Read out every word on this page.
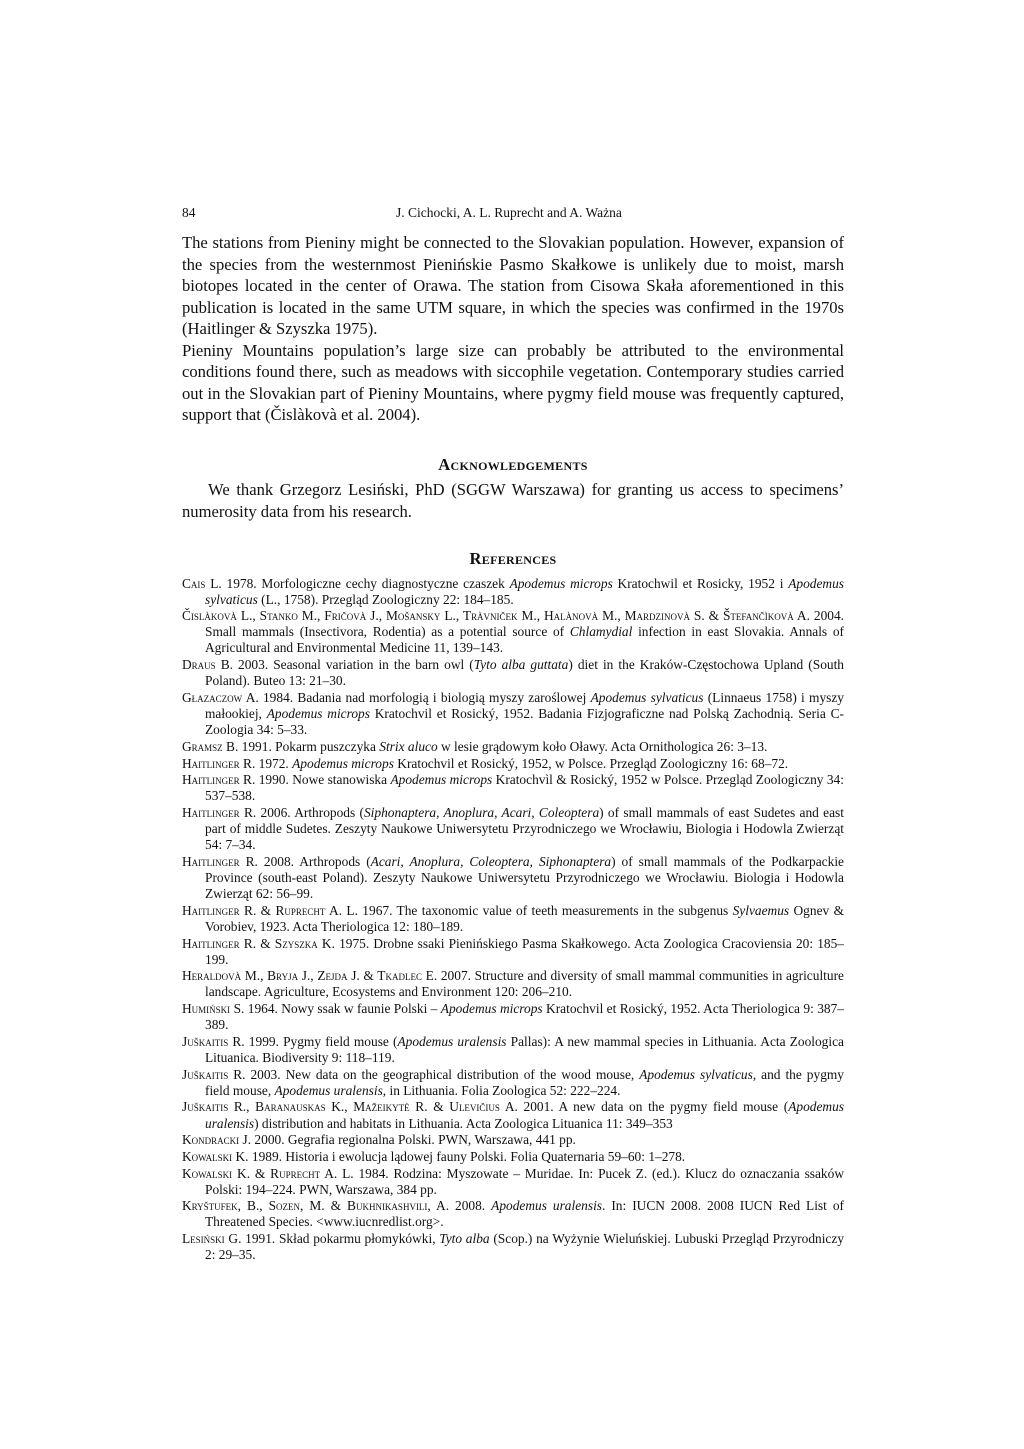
84	J. Cichocki, A. L. Ruprecht and A. Ważna

The stations from Pieniny might be connected to the Slovakian population. However, expansion of the species from the westernmost Pienińskie Pasmo Skałkowe is unlikely due to moist, marsh biotopes located in the center of Orawa. The station from Cisowa Skała aforementioned in this publication is located in the same UTM square, in which the species was confirmed in the 1970s (Haitlinger & Szyszka 1975).

Pieniny Mountains population’s large size can probably be attributed to the environmental conditions found there, such as meadows with siccophile vegetation. Contemporary studies carried out in the Slovakian part of Pieniny Mountains, where pygmy field mouse was frequently captured, support that (Čislàkovà et al. 2004).

Acknowledgements

We thank Grzegorz Lesiński, PhD (SGGW Warszawa) for granting us access to specimens’ numerosity data from his research.

References
Cais L. 1978. Morfologiczne cechy diagnostyczne czaszek Apodemus microps Kratochwil et Rosicky, 1952 i Apodemus sylvaticus (L., 1758). Przegląd Zoologiczny 22: 184–185.
Čislàkovà L., Stanko M., Fričovà J., Mošansky L., Tràvniček M., Halànovà M., Mardzinovà S. & Štefančìkovà A. 2004. Small mammals (Insectivora, Rodentia) as a potential source of Chlamydial infection in east Slovakia. Annals of Agricultural and Environmental Medicine 11, 139–143.
Draus B. 2003. Seasonal variation in the barn owl (Tyto alba guttata) diet in the Kraków-Częstochowa Upland (South Poland). Buteo 13: 21–30.
Głazaczow A. 1984. Badania nad morfologią i biologią myszy zaroślowej Apodemus sylvaticus (Linnaeus 1758) i myszy małookiej, Apodemus microps Kratochvil et Rosický, 1952. Badania Fizjograficzne nad Polską Zachodnią. Seria C- Zoologia 34: 5–33.
Gramsz B. 1991. Pokarm puszczyka Strix aluco w lesie grądowym koło Oławy. Acta Ornithologica 26: 3–13.
Haitlinger R. 1972. Apodemus microps Kratochvil et Rosický, 1952, w Polsce. Przegląd Zoologiczny 16: 68–72.
Haitlinger R. 1990. Nowe stanowiska Apodemus microps Kratochvìl & Rosický, 1952 w Polsce. Przegląd Zoologiczny 34: 537–538.
Haitlinger R. 2006. Arthropods (Siphonaptera, Anoplura, Acari, Coleoptera) of small mammals of east Sudetes and east part of middle Sudetes. Zeszyty Naukowe Uniwersytetu Przyrodniczego we Wrocławiu, Biologia i Hodowla Zwierząt 54: 7–34.
Haitlinger R. 2008. Arthropods (Acari, Anoplura, Coleoptera, Siphonaptera) of small mammals of the Podkarpackie Province (south-east Poland). Zeszyty Naukowe Uniwersytetu Przyrodniczego we Wrocławiu. Biologia i Hodowla Zwierząt 62: 56–99.
Haitlinger R. & Ruprecht A. L. 1967. The taxonomic value of teeth measurements in the subgenus Sylvaemus Ognev & Vorobiev, 1923. Acta Theriologica 12: 180–189.
Haitlinger R. & Szyszka K. 1975. Drobne ssaki Pienińskiego Pasma Skałkowego. Acta Zoologica Cracoviensia 20: 185–199.
Heraldovà M., Bryja J., Zejda J. & Tkadlec E. 2007. Structure and diversity of small mammal communities in agriculture landscape. Agriculture, Ecosystems and Environment 120: 206–210.
Humiński S. 1964. Nowy ssak w faunie Polski – Apodemus microps Kratochvil et Rosický, 1952. Acta Theriologica 9: 387–389.
Juškaitis R. 1999. Pygmy field mouse (Apodemus uralensis Pallas): A new mammal species in Lithuania. Acta Zoologica Lituanica. Biodiversity 9: 118–119.
Juškaitis R. 2003. New data on the geographical distribution of the wood mouse, Apodemus sylvaticus, and the pygmy field mouse, Apodemus uralensis, in Lithuania. Folia Zoologica 52: 222–224.
Juškaitis R., Baranauskas K., Mažeikytė R. & Ulevičius A. 2001. A new data on the pygmy field mouse (Apodemus uralensis) distribution and habitats in Lithuania. Acta Zoologica Lituanica 11: 349–353
Kondracki J. 2000. Gegrafia regionalna Polski. PWN, Warszawa, 441 pp.
Kowalski K. 1989. Historia i ewolucja lądowej fauny Polski. Folia Quaternaria 59–60: 1–278.
Kowalski K. & Ruprecht A. L. 1984. Rodzina: Myszowate – Muridae. In: Pucek Z. (ed.). Klucz do oznaczania ssaków Polski: 194–224. PWN, Warszawa, 384 pp.
Kryštufek, B., Sozen, M. & Bukhnikashvili, A. 2008. Apodemus uralensis. In: IUCN 2008. 2008 IUCN Red List of Threatened Species. <www.iucnredlist.org>.
Lesiński G. 1991. Skład pokarmu płomykówki, Tyto alba (Scop.) na Wyżynie Wieluńskiej. Lubuski Przegląd Przyrodniczy 2: 29–35.
